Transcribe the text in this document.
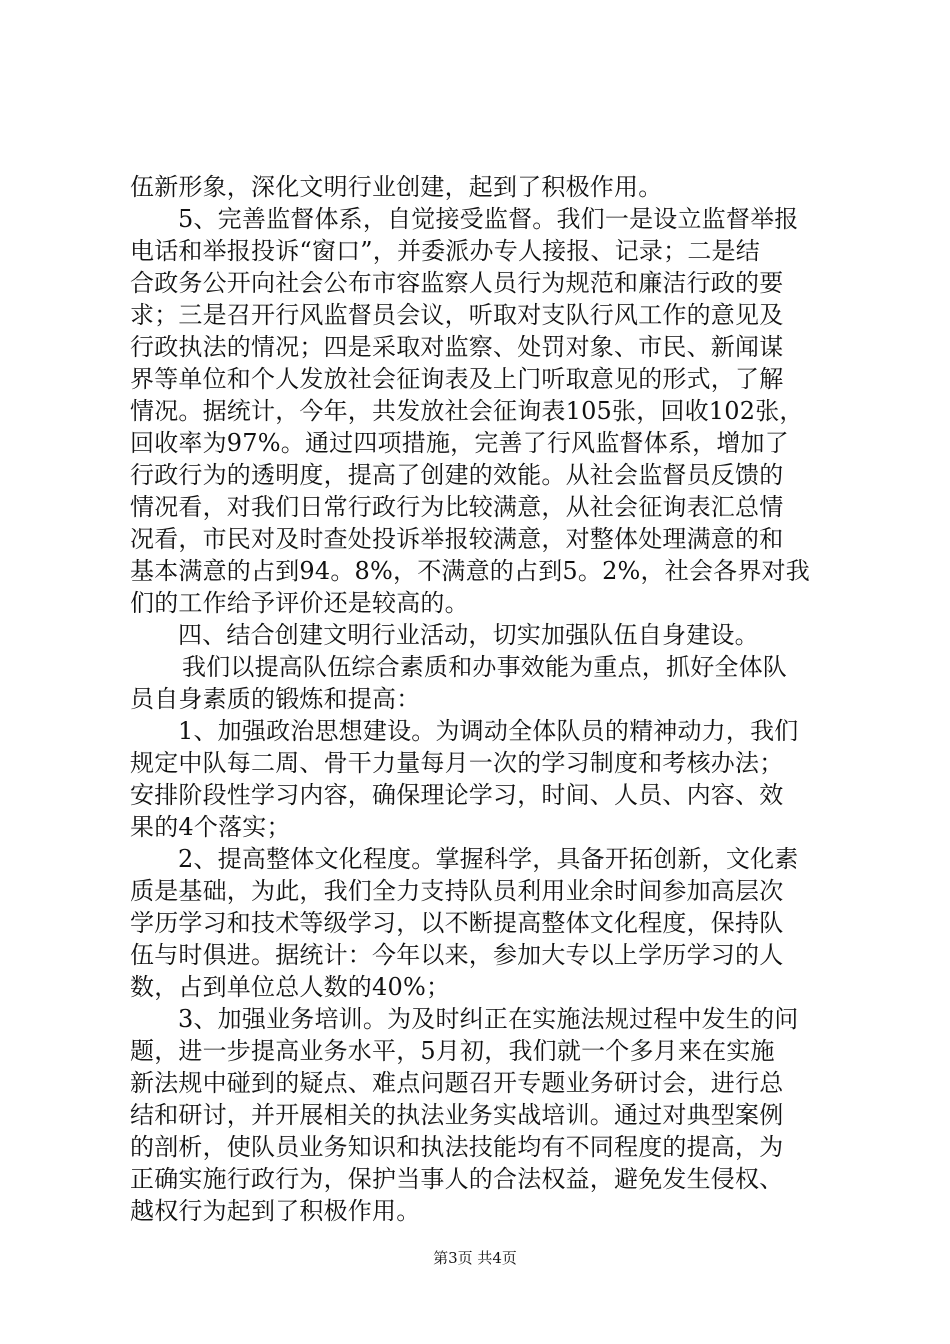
伍新形象，深化文明行业创建，起到了积极作用。
5、完善监督体系，自觉接受监督。我们一是设立监督举报
电话和举报投诉“窗口”，并委派办专人接报、记录；二是结
合政务公开向社会公布市容监察人员行为规范和廉洁行政的要
求；三是召开行风监督员会议，听取对支队行风工作的意见及
行政执法的情况；四是采取对监察、处罚对象、市民、新闻谋
界等单位和个人发放社会征询表及上门听取意见的形式，了解
情况。据统计，今年，共发放社会征询表105张，回收102张，
回收率为97%。通过四项措施，完善了行风监督体系，增加了
行政行为的透明度，提高了创建的效能。从社会监督员反馈的
情况看，对我们日常行政行为比较满意，从社会征询表汇总情
况看，市民对及时查处投诉举报较满意，对整体处理满意的和
基本满意的占到94。8%，不满意的占到5。2%，社会各界对我
们的工作给予评价还是较高的。
四、结合创建文明行业活动，切实加强队伍自身建设。
我们以提高队伍综合素质和办事效能为重点，抓好全体队
员自身素质的锻炼和提高：
1、加强政治思想建设。为调动全体队员的精神动力，我们
规定中队每二周、骨干力量每月一次的学习制度和考核办法；
安排阶段性学习内容，确保理论学习，时间、人员、内容、效
果的4个落实；
2、提高整体文化程度。掌握科学，具备开拓创新，文化素
质是基础，为此，我们全力支持队员利用业余时间参加高层次
学历学习和技术等级学习，以不断提高整体文化程度，保持队
伍与时俱进。据统计：今年以来，参加大专以上学历学习的人
数，占到单位总人数的40%；
3、加强业务培训。为及时纠正在实施法规过程中发生的问
题，进一步提高业务水平，5月初，我们就一个多月来在实施
新法规中碰到的疑点、难点问题召开专题业务研讨会，进行总
结和研讨，并开展相关的执法业务实战培训。通过对典型案例
的剖析，使队员业务知识和执法技能均有不同程度的提高，为
正确实施行政行为，保护当事人的合法权益，避免发生侵权、
越权行为起到了积极作用。
第3页 共4页
